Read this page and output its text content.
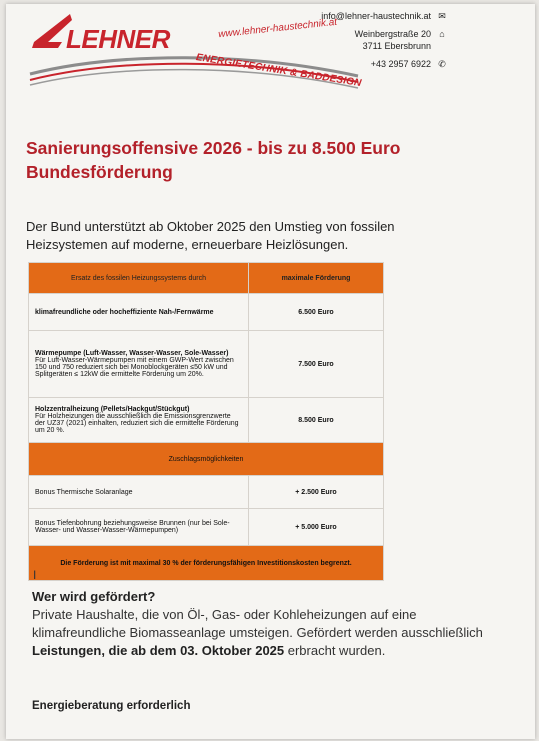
LEHNER	www.lehner-haustechnik.at
ENERGIETECHNIK & BADDESIGN
info@lehner-haustechnik.at ✉
Weinbergstraße 20 ⌂
3711 Ebersbrunn
+43 2957 6922 ✆
Sanierungsoffensive 2026 - bis zu 8.500 Euro
Bundesförderung

Der Bund unterstützt ab Oktober 2025 den Umstieg von fossilen Heizsystemen auf moderne, erneuerbare Heizlösungen.

Ersatz des fossilen Heizungssystems durch	maximale Förderung

klimafreundliche oder hocheffiziente Nah-/Fernwärme	6.500 Euro

Wärmepumpe (Luft-Wasser, Wasser-Wasser, Sole-Wasser)
Für Luft-Wasser-Wärmepumpen mit einem GWP-Wert zwischen 150 und 750 reduziert sich bei Monoblockgeräten ≤50 kW und Splitgeräten ≤ 12kW die ermittelte Förderung um 20%.	7.500 Euro

Holzzentralheizung (Pellets/Hackgut/Stückgut)
Für Holzheizungen die ausschließlich die Emissionsgrenzwerte der UZ37 (2021) einhalten, reduziert sich die ermittelte Förderung um 20 %.	8.500 Euro
Zuschlagsmöglichkeiten	
Bonus Thermische Solaranlage	+ 2.500 Euro
Bonus Tiefenbohrung beziehungsweise Brunnen (nur bei Sole-Wasser- und Wasser-Wasser-Wärmepumpen)	+ 5.000 Euro
Die Förderung ist mit maximal 30 % der förderungsfähigen Investitionskosten begrenzt.	
I
Wer wird gefördert?

Private Haushalte, die von Öl-, Gas- oder Kohleheizungen auf eine klimafreundliche Biomasseanlage umsteigen. Gefördert werden ausschließlich Leistungen, die ab dem 03. Oktober 2025 erbracht wurden.

Energieberatung erforderlich
